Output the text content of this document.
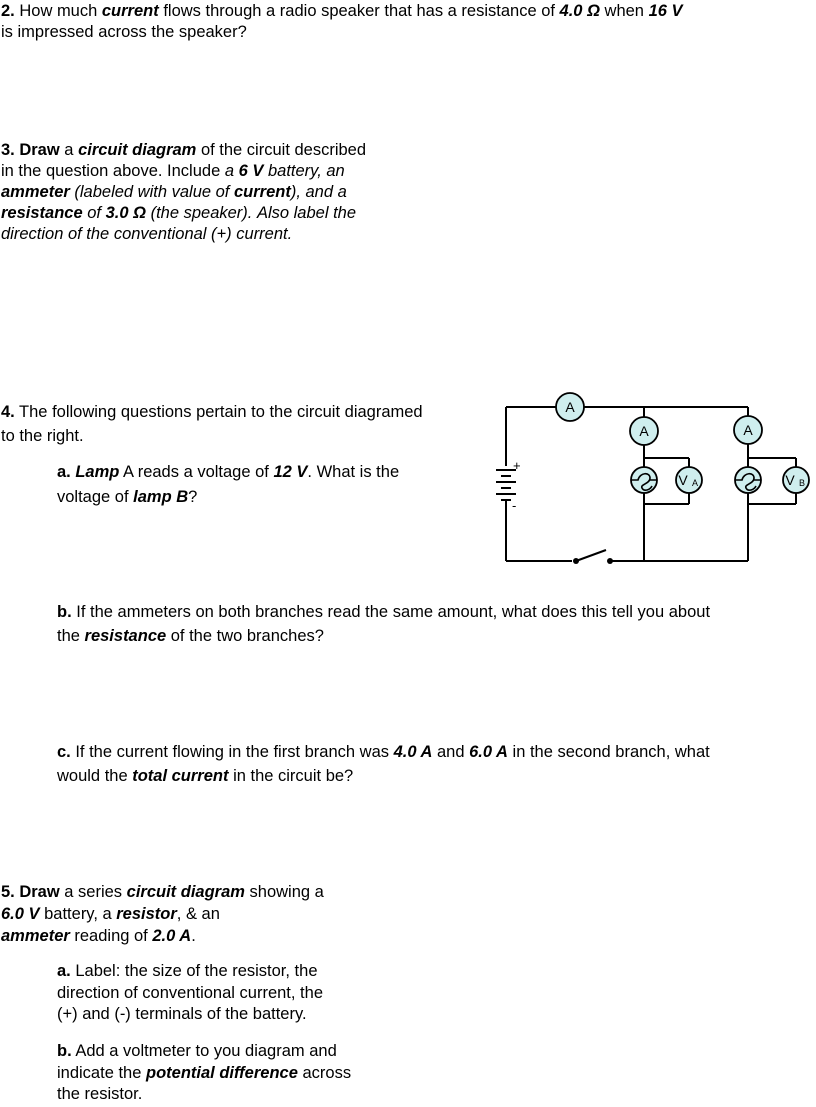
2. How much current flows through a radio speaker that has a resistance of 4.0 Ω when 16 V
is impressed across the speaker?
3. Draw a circuit diagram of the circuit described
in the question above. Include a 6 V battery, an
ammeter (labeled with value of current), and a
resistance of 3.0 Ω (the speaker). Also label the
direction of the conventional (+) current.
4. The following questions pertain to the circuit diagramed
to the right.
a. Lamp A reads a voltage of 12 V. What is the
voltage of lamp B?
+
-
A
A	A
V A	V B
b. If the ammeters on both branches read the same amount, what does this tell you about
the resistance of the two branches?
c. If the current flowing in the first branch was 4.0 A and 6.0 A in the second branch, what
would the total current in the circuit be?
5. Draw a series circuit diagram showing a
6.0 V battery, a resistor, & an
ammeter reading of 2.0 A.
a. Label: the size of the resistor, the
direction of conventional current, the
(+) and (-) terminals of the battery.
b. Add a voltmeter to you diagram and
indicate the potential difference across
the resistor.
